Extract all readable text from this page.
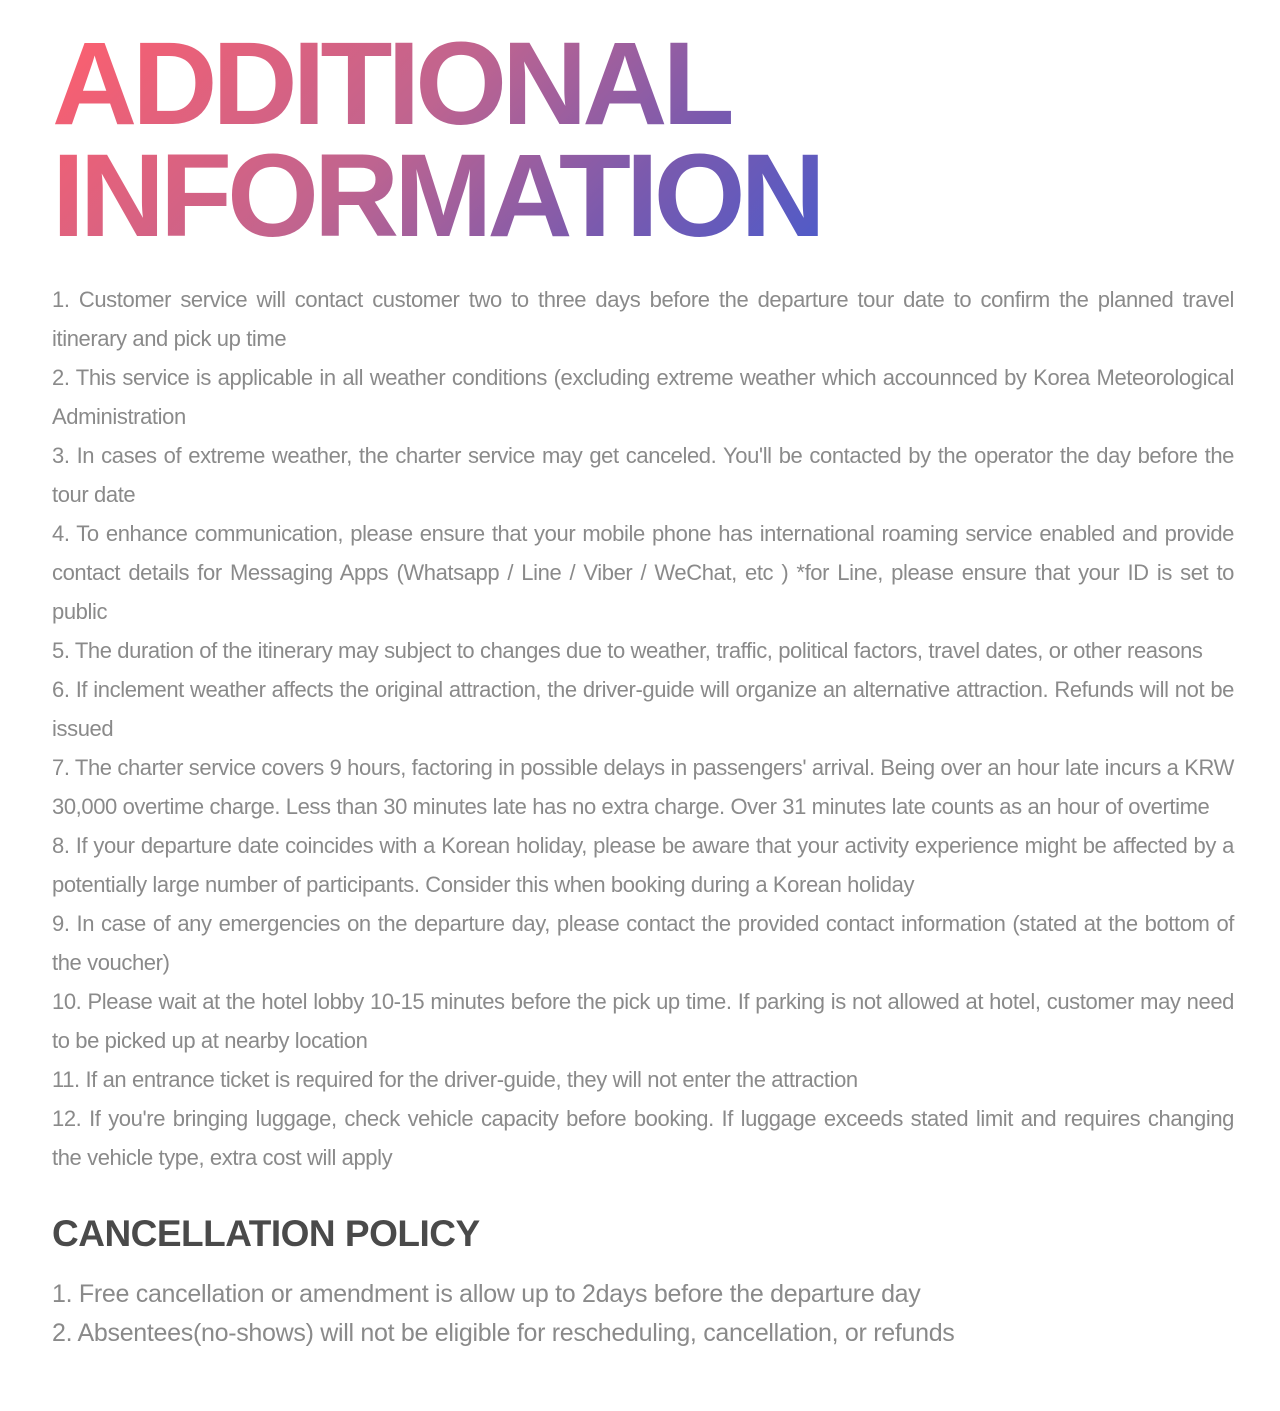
ADDITIONAL
INFORMATION
1. Customer service will contact customer two to three days before the departure tour date to confirm the planned travel itinerary and pick up time
2. This service is applicable in all weather conditions (excluding extreme weather which accounnced by Korea Meteorological Administration
3. In cases of extreme weather, the charter service may get canceled. You'll be contacted by the operator the day before the tour date
4. To enhance communication, please ensure that your mobile phone has international roaming service enabled and provide contact details for Messaging Apps (Whatsapp / Line / Viber / WeChat, etc ) *for Line, please ensure that your ID is set to public
5. The duration of the itinerary may subject to changes due to weather, traffic, political factors, travel dates, or other reasons
6. If inclement weather affects the original attraction, the driver-guide will organize an alternative attraction. Refunds will not be issued
7. The charter service covers 9 hours, factoring in possible delays in passengers' arrival. Being over an hour late incurs a KRW 30,000 overtime charge. Less than 30 minutes late has no extra charge. Over 31 minutes late counts as an hour of overtime
8. If your departure date coincides with a Korean holiday, please be aware that your activity experience might be affected by a potentially large number of participants. Consider this when booking during a Korean holiday
9. In case of any emergencies on the departure day, please contact the provided contact information (stated at the bottom of the voucher)
10. Please wait at the hotel lobby 10-15 minutes before the pick up time. If parking is not allowed at hotel, customer may need to be picked up at nearby location
11. If an entrance ticket is required for the driver-guide, they will not enter the attraction
12. If you're bringing luggage, check vehicle capacity before booking. If luggage exceeds stated limit and requires changing the vehicle type, extra cost will apply
CANCELLATION POLICY
1. Free cancellation or amendment is allow up to 2days before the departure day
2. Absentees(no-shows) will not be eligible for rescheduling, cancellation, or refunds
